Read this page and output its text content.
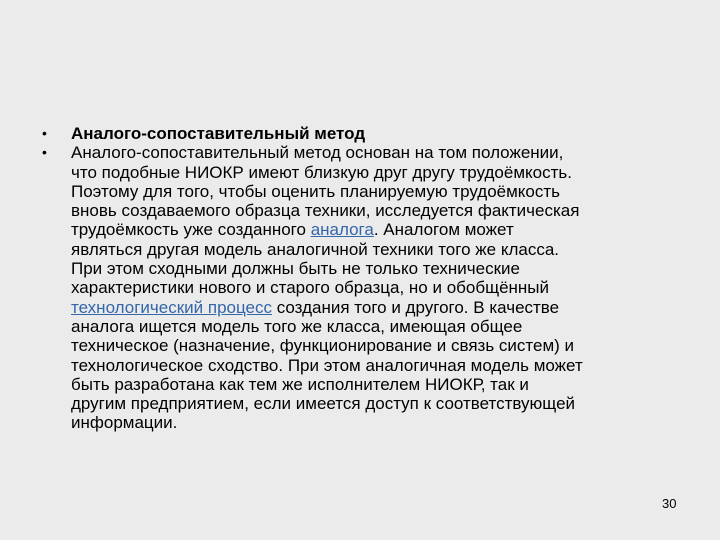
• Аналого-сопоставительный метод
• Аналого-сопоставительный метод основан на том положении,
что подобные НИОКР имеют близкую друг другу трудоёмкость.
Поэтому для того, чтобы оценить планируемую трудоёмкость
вновь создаваемого образца техники, исследуется фактическая
трудоёмкость уже созданного аналога. Аналогом может
являться другая модель аналогичной техники того же класса.
При этом сходными должны быть не только технические
характеристики нового и старого образца, но и обобщённый
технологический процесс создания того и другого. В качестве
аналога ищется модель того же класса, имеющая общее
техническое (назначение, функционирование и связь систем) и
технологическое сходство. При этом аналогичная модель может
быть разработана как тем же исполнителем НИОКР, так и
другим предприятием, если имеется доступ к соответствующей
информации.
30
